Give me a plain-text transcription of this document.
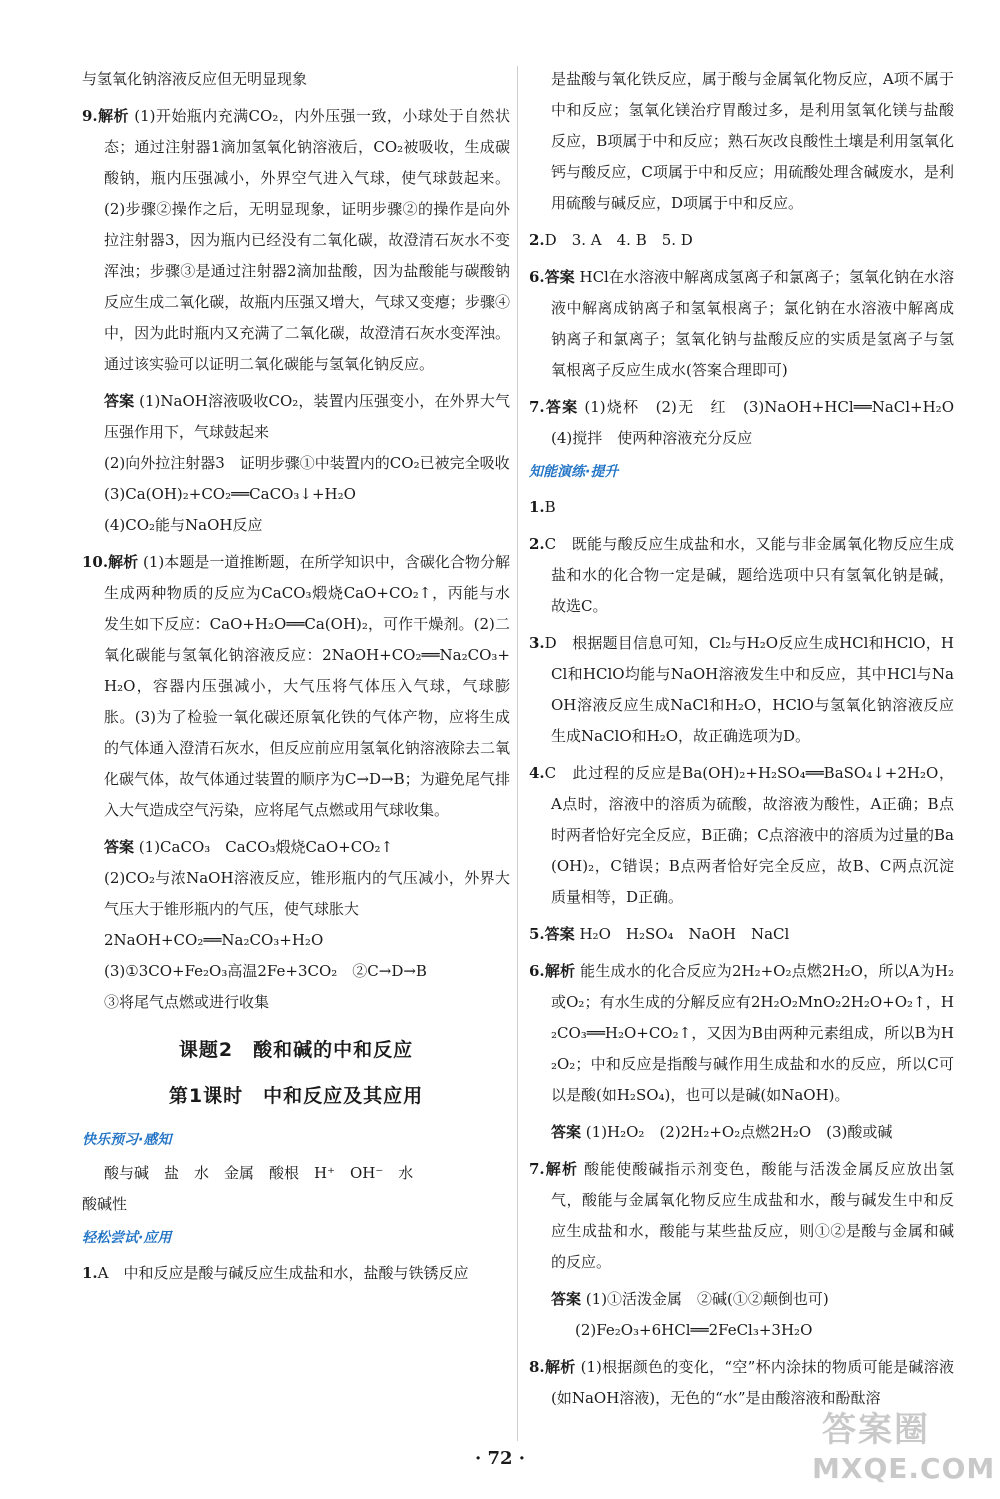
与氢氧化钠溶液反应但无明显现象

9.解析 (1)开始瓶内充满CO₂，内外压强一致，小球处于自然状态；通过注射器1滴加氢氧化钠溶液后，CO₂被吸收，生成碳酸钠，瓶内压强减小，外界空气进入气球，使气球鼓起来。(2)步骤②操作之后，无明显现象，证明步骤②的操作是向外拉注射器3，因为瓶内已经没有二氧化碳，故澄清石灰水不变浑浊；步骤③是通过注射器2滴加盐酸，因为盐酸能与碳酸钠反应生成二氧化碳，故瓶内压强又增大，气球又变瘪；步骤④中，因为此时瓶内又充满了二氧化碳，故澄清石灰水变浑浊。通过该实验可以证明二氧化碳能与氢氧化钠反应。

答案 (1)NaOH溶液吸收CO₂，装置内压强变小，在外界大气压强作用下，气球鼓起来

(2)向外拉注射器3　证明步骤①中装置内的CO₂已被完全吸收

(3)Ca(OH)₂+CO₂══CaCO₃↓+H₂O

(4)CO₂能与NaOH反应

10.解析 (1)本题是一道推断题，在所学知识中，含碳化合物分解生成两种物质的反应为CaCO₃煅烧CaO+CO₂↑，丙能与水发生如下反应：CaO+H₂O══Ca(OH)₂，可作干燥剂。(2)二氧化碳能与氢氧化钠溶液反应：2NaOH+CO₂══Na₂CO₃+H₂O，容器内压强减小，大气压将气体压入气球，气球膨胀。(3)为了检验一氧化碳还原氧化铁的气体产物，应将生成的气体通入澄清石灰水，但反应前应用氢氧化钠溶液除去二氧化碳气体，故气体通过装置的顺序为C→D→B；为避免尾气排入大气造成空气污染，应将尾气点燃或用气球收集。

答案 (1)CaCO₃　CaCO₃煅烧CaO+CO₂↑

(2)CO₂与浓NaOH溶液反应，锥形瓶内的气压减小，外界大气压大于锥形瓶内的气压，使气球胀大

2NaOH+CO₂══Na₂CO₃+H₂O

(3)①3CO+Fe₂O₃高温2Fe+3CO₂　②C→D→B

③将尾气点燃或进行收集

课题2　酸和碱的中和反应
第1课时　中和反应及其应用
快乐预习·感知

酸与碱　盐　水　金属　酸根　H⁺　OH⁻　水

酸碱性

轻松尝试·应用

1.A　中和反应是酸与碱反应生成盐和水，盐酸与铁锈反应

是盐酸与氧化铁反应，属于酸与金属氧化物反应，A项不属于中和反应；氢氧化镁治疗胃酸过多，是利用氢氧化镁与盐酸反应，B项属于中和反应；熟石灰改良酸性土壤是利用氢氧化钙与酸反应，C项属于中和反应；用硫酸处理含碱废水，是利用硫酸与碱反应，D项属于中和反应。

2.D　3. A　4. B　5. D

6.答案 HCl在水溶液中解离成氢离子和氯离子；氢氧化钠在水溶液中解离成钠离子和氢氧根离子；氯化钠在水溶液中解离成钠离子和氯离子；氢氧化钠与盐酸反应的实质是氢离子与氢氧根离子反应生成水(答案合理即可)

7.答案 (1)烧杯　(2)无　红　(3)NaOH+HCl══NaCl+H₂O　(4)搅拌　使两种溶液充分反应

知能演练·提升

1.B

2.C　既能与酸反应生成盐和水，又能与非金属氧化物反应生成盐和水的化合物一定是碱，题给选项中只有氢氧化钠是碱，故选C。

3.D　根据题目信息可知，Cl₂与H₂O反应生成HCl和HClO，HCl和HClO均能与NaOH溶液发生中和反应，其中HCl与NaOH溶液反应生成NaCl和H₂O，HClO与氢氧化钠溶液反应生成NaClO和H₂O，故正确选项为D。

4.C　此过程的反应是Ba(OH)₂+H₂SO₄══BaSO₄↓+2H₂O，A点时，溶液中的溶质为硫酸，故溶液为酸性，A正确；B点时两者恰好完全反应，B正确；C点溶液中的溶质为过量的Ba(OH)₂，C错误；B点两者恰好完全反应，故B、C两点沉淀质量相等，D正确。

5.答案 H₂O　H₂SO₄　NaOH　NaCl

6.解析 能生成水的化合反应为2H₂+O₂点燃2H₂O，所以A为H₂或O₂；有水生成的分解反应有2H₂O₂MnO₂2H₂O+O₂↑，H₂CO₃══H₂O+CO₂↑，又因为B由两种元素组成，所以B为H₂O₂；中和反应是指酸与碱作用生成盐和水的反应，所以C可以是酸(如H₂SO₄)，也可以是碱(如NaOH)。

答案 (1)H₂O₂　(2)2H₂+O₂点燃2H₂O　(3)酸或碱

7.解析 酸能使酸碱指示剂变色，酸能与活泼金属反应放出氢气，酸能与金属氧化物反应生成盐和水，酸与碱发生中和反应生成盐和水，酸能与某些盐反应，则①②是酸与金属和碱的反应。

答案 (1)①活泼金属　②碱(①②颠倒也可)

(2)Fe₂O₃+6HCl══2FeCl₃+3H₂O

8.解析 (1)根据颜色的变化，“空”杯内涂抹的物质可能是碱溶液(如NaOH溶液)，无色的“水”是由酸溶液和酚酞溶

· 72 ·
答案圈
MXQE.COM
